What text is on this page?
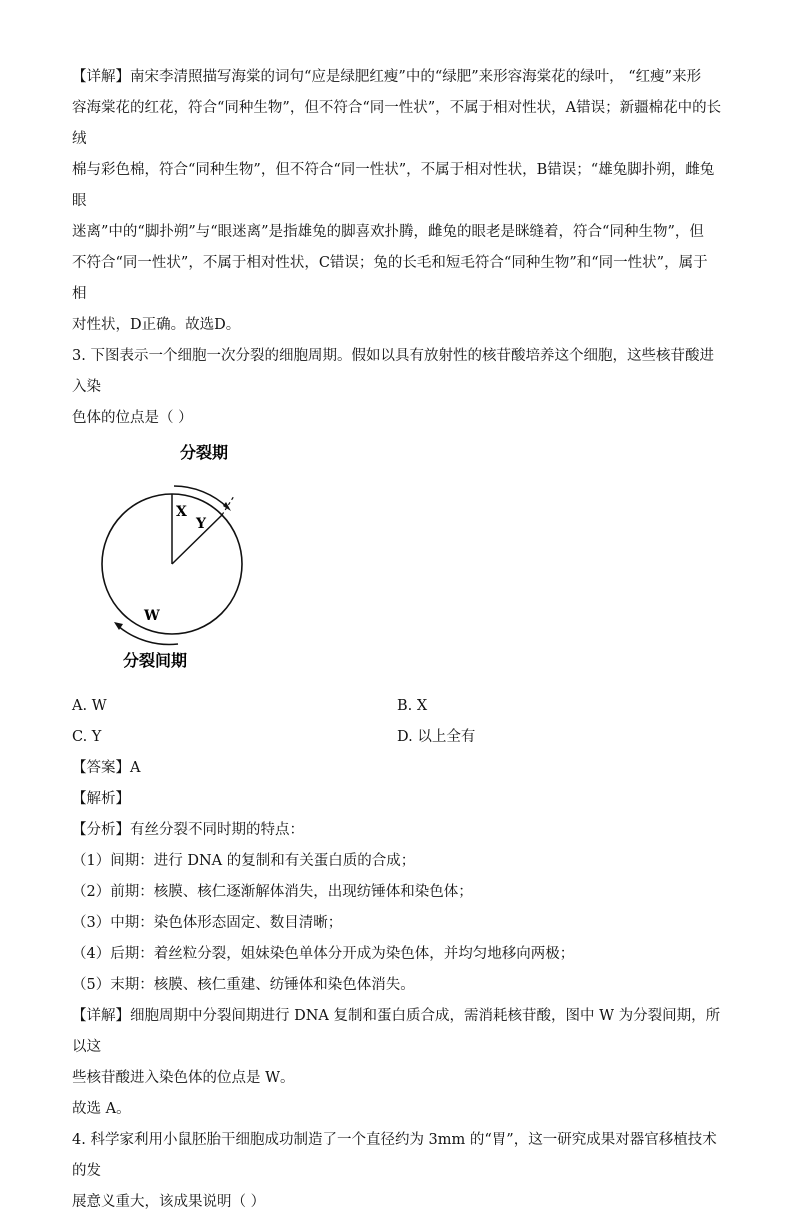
【详解】南宋李清照描写海棠的词句“应是绿肥红瘦”中的“绿肥”来形容海棠花的绿叶， “红瘦”来形

容海棠花的红花，符合“同种生物”，但不符合“同一性状”，不属于相对性状，A错误；新疆棉花中的长绒

棉与彩色棉，符合“同种生物”，但不符合“同一性状”，不属于相对性状，B错误；“雄兔脚扑朔，雌兔眼

迷离”中的“脚扑朔”与“眼迷离”是指雄兔的脚喜欢扑腾，雌兔的眼老是眯缝着，符合“同种生物”，但

不符合“同一性状”，不属于相对性状，C错误；兔的长毛和短毛符合“同种生物”和“同一性状”，属于相

对性状，D正确。故选D。

3. 下图表示一个细胞一次分裂的细胞周期。假如以具有放射性的核苷酸培养这个细胞，这些核苷酸进入染

色体的位点是（ ）

分裂期
X
Y
W
分裂间期
A. W	B. X
C. Y	D. 以上全有

【答案】A

【解析】

【分析】有丝分裂不同时期的特点：

（1）间期：进行 DNA 的复制和有关蛋白质的合成；

（2）前期：核膜、核仁逐渐解体消失，出现纺锤体和染色体；

（3）中期：染色体形态固定、数目清晰；

（4）后期：着丝粒分裂，姐妹染色单体分开成为染色体，并均匀地移向两极；

（5）末期：核膜、核仁重建、纺锤体和染色体消失。

【详解】细胞周期中分裂间期进行 DNA 复制和蛋白质合成，需消耗核苷酸，图中 W 为分裂间期，所以这

些核苷酸进入染色体的位点是 W。

故选 A。

4. 科学家利用小鼠胚胎干细胞成功制造了一个直径约为 3mm 的“胃”，这一研究成果对器官移植技术的发

展意义重大，该成果说明（ ）
